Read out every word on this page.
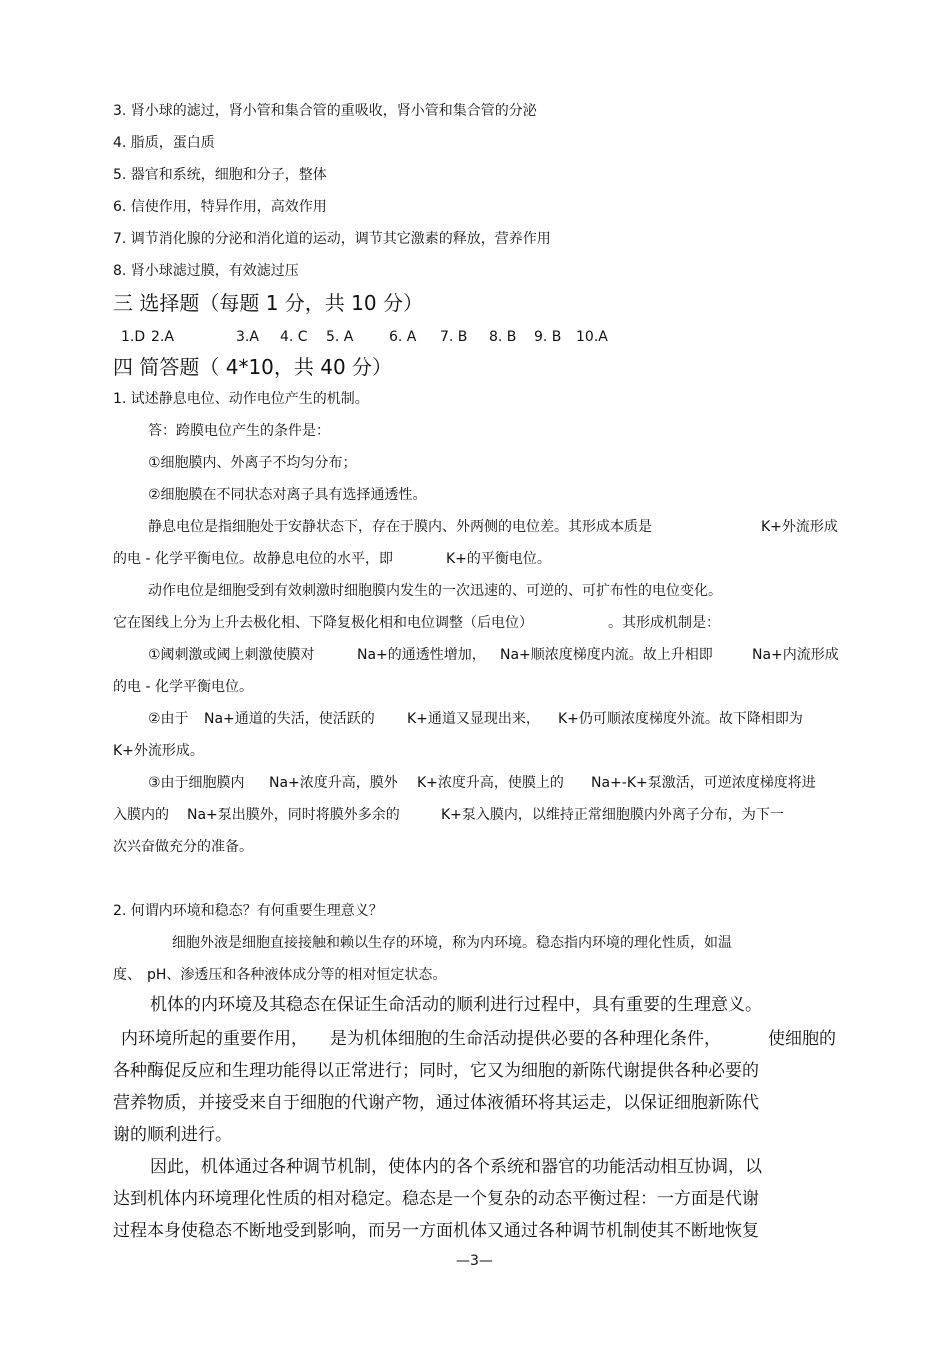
3. 肾小球的滤过，肾小管和集合管的重吸收，肾小管和集合管的分泌
4. 脂质，蛋白质
5. 器官和系统，细胞和分子，整体
6. 信使作用，特异作用，高效作用
7. 调节消化腺的分泌和消化道的运动，调节其它激素的释放，营养作用
8. 肾小球滤过膜，有效滤过压
三 选择题（每题 1 分，共 10 分）
1.D 2.A	3.A 4. C 5. A	6. A 7. B 8. B 9. B 10.A
四 简答题（ 4*10，共 40 分）
1. 试述静息电位、动作电位产生的机制。
答：跨膜电位产生的条件是：
①细胞膜内、外离子不均匀分布；
②细胞膜在不同状态对离子具有选择通透性。
静息电位是指细胞处于安静状态下，存在于膜内、外两侧的电位差。其形成本质是	K+外流形成
的电 - 化学平衡电位。故静息电位的水平，即	K+的平衡电位。
动作电位是细胞受到有效刺激时细胞膜内发生的一次迅速的、可逆的、可扩布性的电位变化。
它在图线上分为上升去极化相、下降复极化相和电位调整（后电位）	。其形成机制是：
①阈刺激或阈上刺激使膜对	Na+的通透性增加， Na+顺浓度梯度内流。故上升相即	Na+内流形成
的电 - 化学平衡电位。
②由于 Na+通道的失活，使活跃的 K+通道又显现出来， K+仍可顺浓度梯度外流。故下降相即为
K+外流形成。
③由于细胞膜内 Na+浓度升高，膜外 K+浓度升高，使膜上的 Na+-K+泵激活，可逆浓度梯度将进
入膜内的 Na+泵出膜外，同时将膜外多余的	K+泵入膜内，以维持正常细胞膜内外离子分布，为下一
次兴奋做充分的准备。
2. 何谓内环境和稳态？有何重要生理意义？
细胞外液是细胞直接接触和赖以生存的环境，称为内环境。稳态指内环境的理化性质，如温
度、 pH、渗透压和各种液体成分等的相对恒定状态。
机体的内环境及其稳态在保证生命活动的顺利进行过程中，具有重要的生理意义。
内环境所起的重要作用， 是为机体细胞的生命活动提供必要的各种理化条件，	使细胞的
各种酶促反应和生理功能得以正常进行；同时，它又为细胞的新陈代谢提供各种必要的
营养物质，并接受来自于细胞的代谢产物，通过体液循环将其运走，以保证细胞新陈代
谢的顺利进行。
因此，机体通过各种调节机制，使体内的各个系统和器官的功能活动相互协调，以
达到机体内环境理化性质的相对稳定。稳态是一个复杂的动态平衡过程：一方面是代谢
过程本身使稳态不断地受到影响，而另一方面机体又通过各种调节机制使其不断地恢复
—3—
